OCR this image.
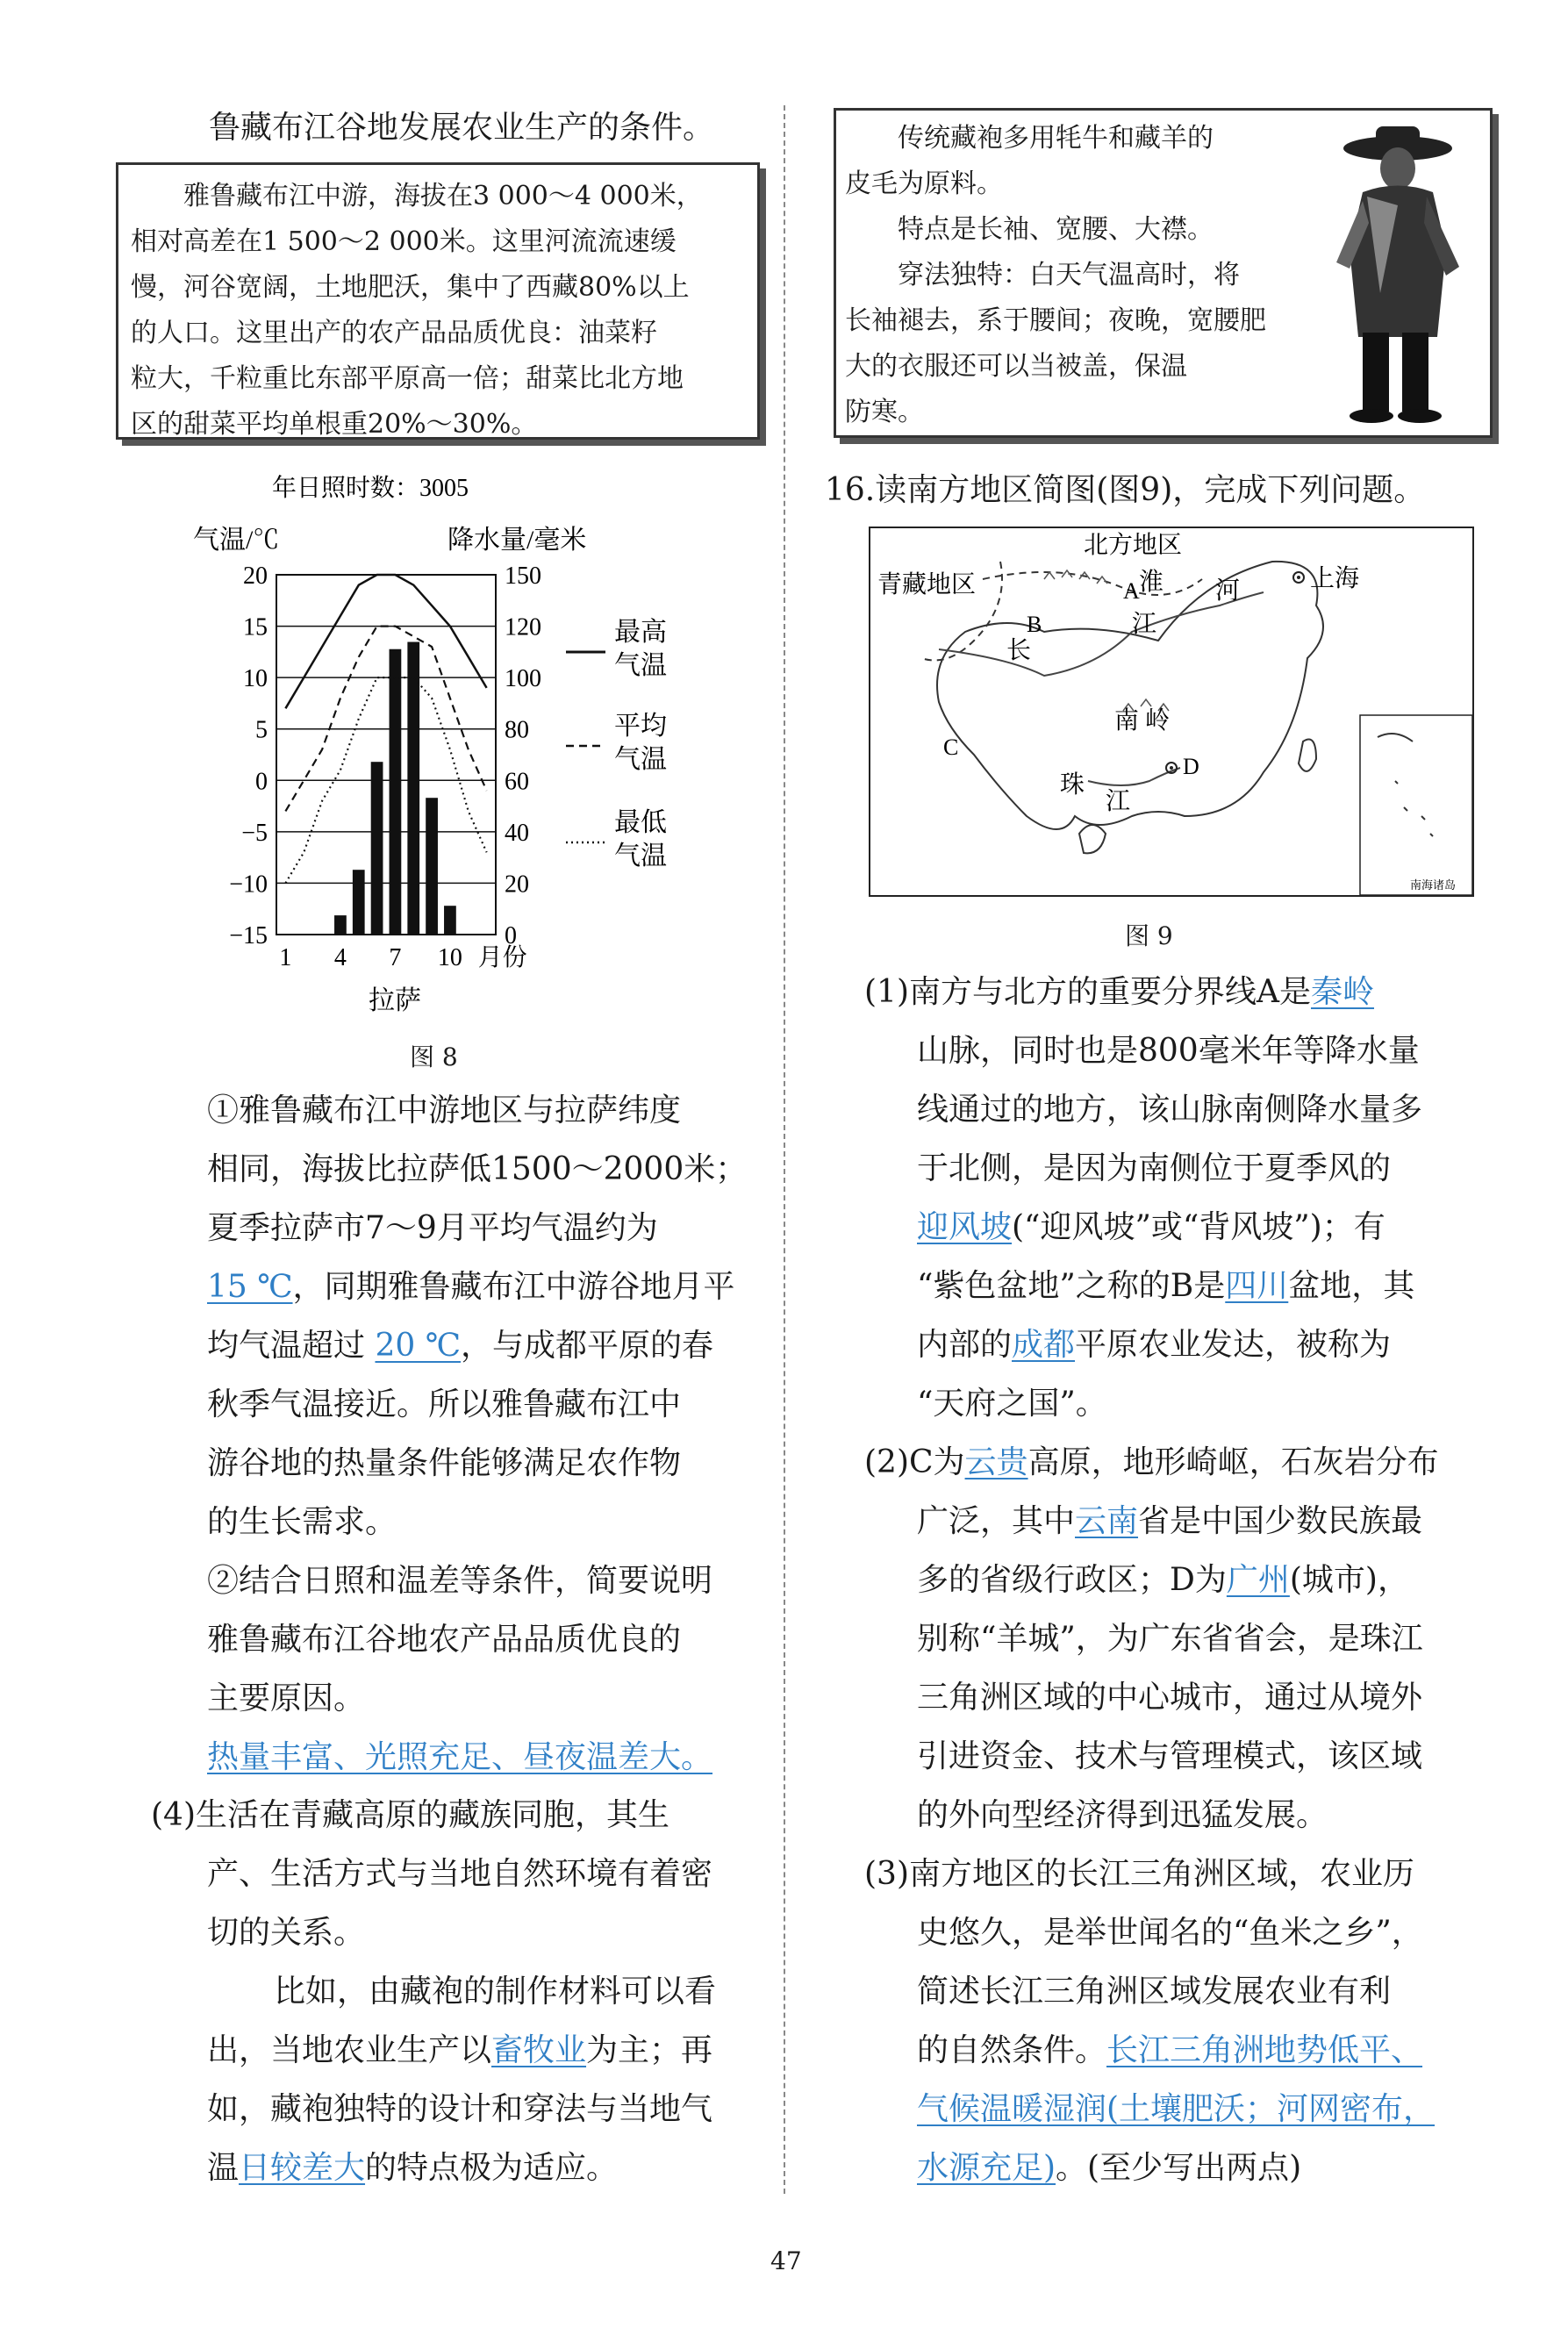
鲁藏布江谷地发展农业生产的条件。
雅鲁藏布江中游，海拔在3 000～4 000米，
相对高差在1 500～2 000米。这里河流流速缓
慢，河谷宽阔，土地肥沃，集中了西藏80%以上
的人口。这里出产的农产品品质优良：油菜籽
粒大，千粒重比东部平原高一倍；甜菜比北方地
区的甜菜平均单根重20%～30%。
年日照时数：3005
气温/℃	降水量/毫米
20
15
10
5
0
−5
−10
−15
150
120
100
80
60
40
20
0
1 4 7 10 月份
最高
气温
平均
气温
最低
气温
拉萨
图 8
①雅鲁藏布江中游地区与拉萨纬度
相同，海拔比拉萨低1500～2000米；
夏季拉萨市7～9月平均气温约为
15 ℃，同期雅鲁藏布江中游谷地月平
均气温超过 20 ℃，与成都平原的春
秋季气温接近。所以雅鲁藏布江中
游谷地的热量条件能够满足农作物
的生长需求。
②结合日照和温差等条件，简要说明
雅鲁藏布江谷地农产品品质优良的
主要原因。
热量丰富、光照充足、昼夜温差大。
(4)生活在青藏高原的藏族同胞，其生
产、生活方式与当地自然环境有着密
切的关系。
比如，由藏袍的制作材料可以看
出，当地农业生产以畜牧业为主；再
如，藏袍独特的设计和穿法与当地气
温日较差大的特点极为适应。
传统藏袍多用牦牛和藏羊的
皮毛为原料。
特点是长袖、宽腰、大襟。
穿法独特：白天气温高时，将
长袖褪去，系于腰间；夜晚，宽腰肥
大的衣服还可以当被盖，保温
防寒。
16.读南方地区简图(图9)，完成下列问题。
北方地区
青藏地区	淮 河
A
B
C
D
江
长
上海
南 岭
珠
江
南海诸岛
图 9
(1)南方与北方的重要分界线A是秦岭
山脉，同时也是800毫米年等降水量
线通过的地方，该山脉南侧降水量多
于北侧，是因为南侧位于夏季风的
迎风坡(“迎风坡”或“背风坡”)；有
“紫色盆地”之称的B是四川盆地，其
内部的成都平原农业发达，被称为
“天府之国”。
(2)C为云贵高原，地形崎岖，石灰岩分布
广泛，其中云南省是中国少数民族最
多的省级行政区；D为广州(城市)，
别称“羊城”，为广东省省会，是珠江
三角洲区域的中心城市，通过从境外
引进资金、技术与管理模式，该区域
的外向型经济得到迅猛发展。
(3)南方地区的长江三角洲区域，农业历
史悠久，是举世闻名的“鱼米之乡”，
简述长江三角洲区域发展农业有利
的自然条件。长江三角洲地势低平、
气候温暖湿润(土壤肥沃；河网密布，
水源充足)。(至少写出两点)
47
